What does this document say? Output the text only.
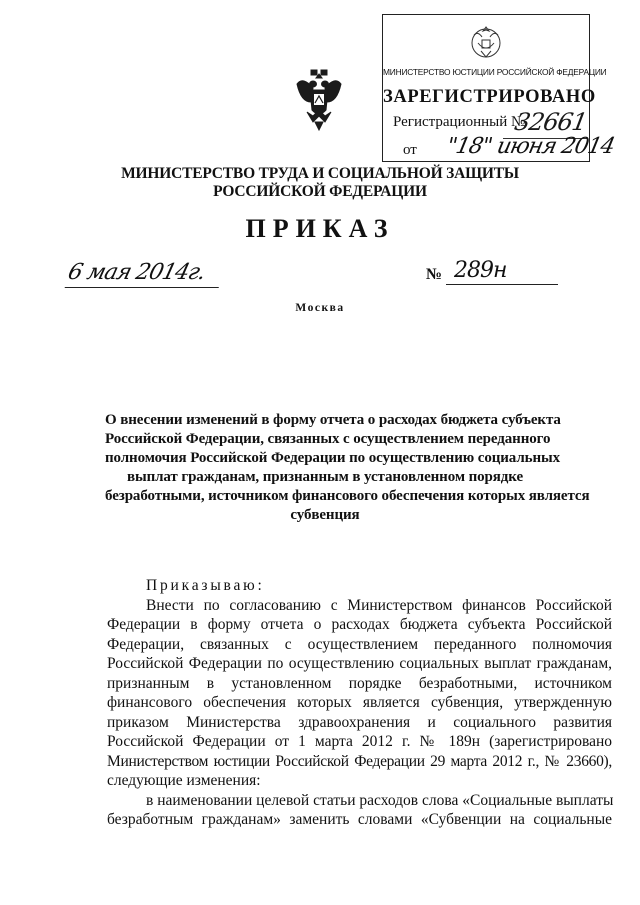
МИНИСТЕРСТВО ЮСТИЦИИ РОССИЙСКОЙ ФЕДЕРАЦИИ
ЗАРЕГИСТРИРОВАНО
Регистрационный №
32661
от "18" июня 2014
МИНИСТЕРСТВО ТРУДА И СОЦИАЛЬНОЙ ЗАЩИТЫ
РОССИЙСКОЙ ФЕДЕРАЦИИ
ПРИКАЗ
6 мая 2014г.	№ 289н
Москва
О внесении изменений в форму отчета о расходах бюджета субъекта
Российской Федерации, связанных с осуществлением переданного
полномочия Российской Федерации по осуществлению социальных
выплат гражданам, признанным в установленном порядке
безработными, источником финансового обеспечения которых является
субвенция
Приказываю:
Внести по согласованию с Министерством финансов Российской
Федерации в форму отчета о расходах бюджета субъекта Российской
Федерации, связанных с осуществлением переданного полномочия
Российской Федерации по осуществлению социальных выплат гражданам,
признанным в установленном порядке безработными, источником
финансового обеспечения которых является субвенция, утвержденную
приказом Министерства здравоохранения и социального развития
Российской Федерации от 1 марта 2012 г. № 189н (зарегистрировано
Министерством юстиции Российской Федерации 29 марта 2012 г., № 23660),
следующие изменения:
в наименовании целевой статьи расходов слова «Социальные выплаты
безработным гражданам» заменить словами «Субвенции на социальные
